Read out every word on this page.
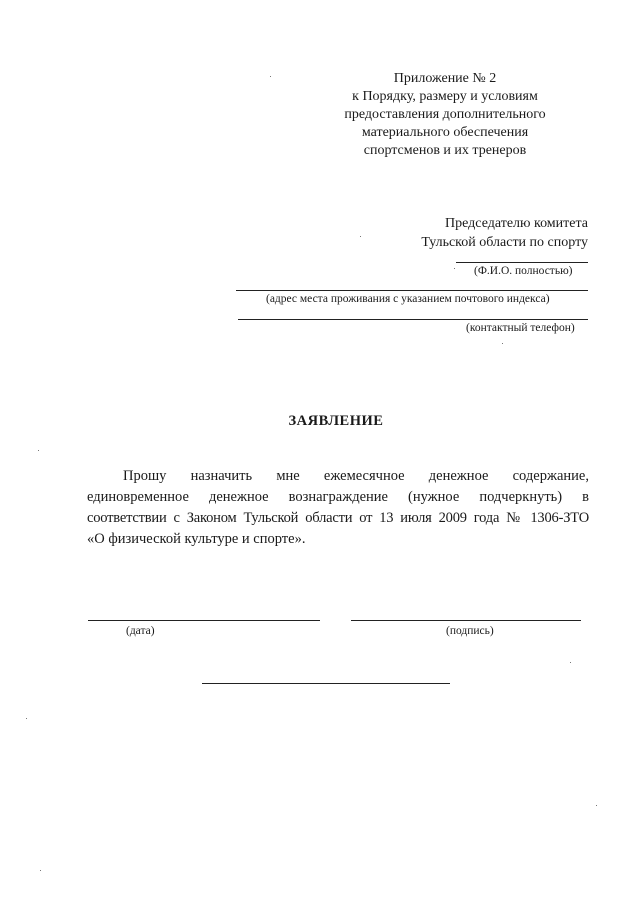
Приложение № 2
к Порядку, размеру и условиям
предоставления дополнительного
материального обеспечения
спортсменов и их тренеров
Председателю комитета
Тульской области по спорту
(Ф.И.О. полностью)
(адрес места проживания с указанием почтового индекса)
(контактный телефон)
ЗАЯВЛЕНИЕ
Прошу назначить мне ежемесячное денежное содержание,
единовременное денежное вознаграждение (нужное подчеркнуть) в
соответствии с Законом Тульской области от 13 июля 2009 года № 1306-ЗТО
«О физической культуре и спорте».
(дата)	(подпись)
